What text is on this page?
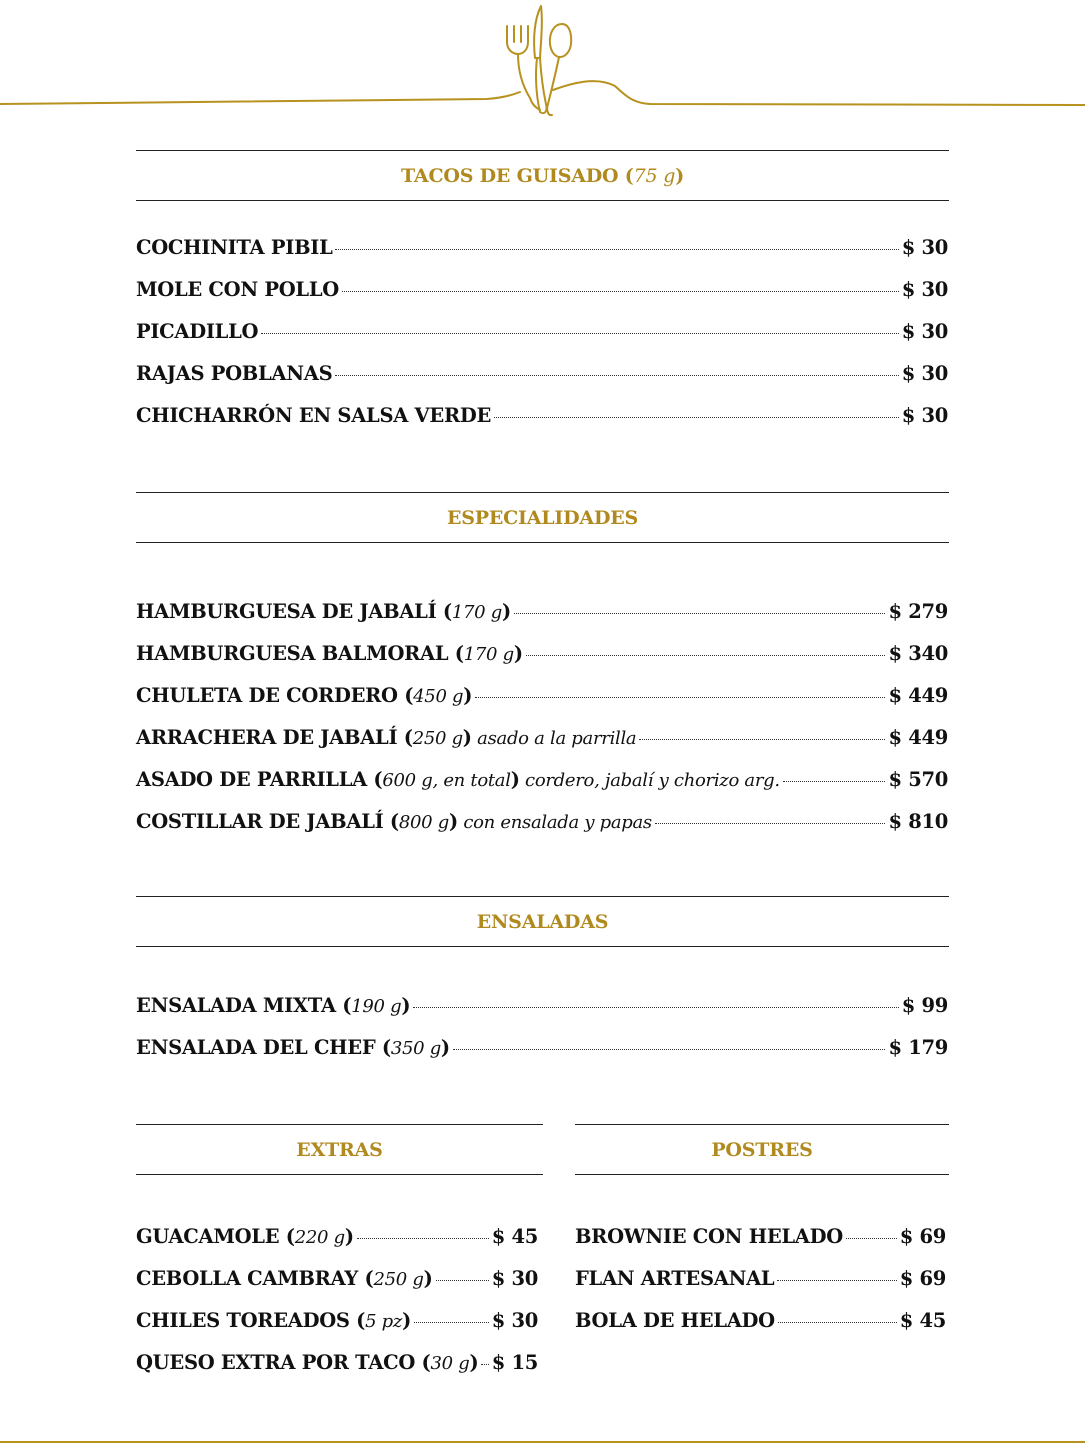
TACOS DE GUISADO (75 g)
COCHINITA PIBIL	$ 30
MOLE CON POLLO	$ 30
PICADILLO	$ 30
RAJAS POBLANAS	$ 30
CHICHARRÓN EN SALSA VERDE	$ 30
ESPECIALIDADES
HAMBURGUESA DE JABALÍ (170 g)	$ 279
HAMBURGUESA BALMORAL (170 g)	$ 340
CHULETA DE CORDERO (450 g)	$ 449
ARRACHERA DE JABALÍ (250 g) asado a la parrilla	$ 449
ASADO DE PARRILLA (600 g, en total) cordero, jabalí y chorizo arg.	$ 570
COSTILLAR DE JABALÍ (800 g) con ensalada y papas	$ 810
ENSALADAS
ENSALADA MIXTA (190 g)	$ 99
ENSALADA DEL CHEF (350 g)	$ 179
EXTRAS
GUACAMOLE (220 g)	$ 45
CEBOLLA CAMBRAY (250 g)	$ 30
CHILES TOREADOS (5 pz)	$ 30
QUESO EXTRA POR TACO (30 g) $ 15
POSTRES
BROWNIE CON HELADO	$ 69
FLAN ARTESANAL	$ 69
BOLA DE HELADO	$ 45
